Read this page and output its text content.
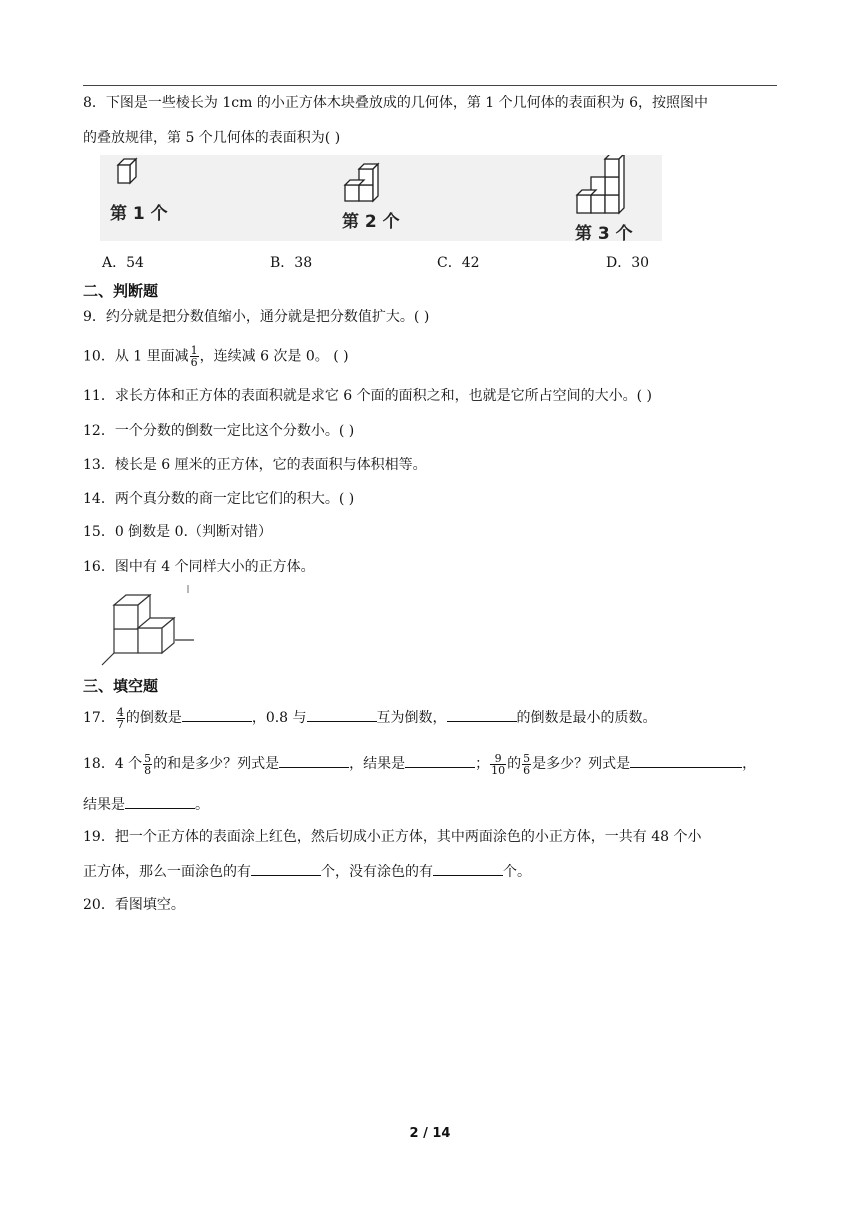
8．下图是一些棱长为 1cm 的小正方体木块叠放成的几何体，第 1 个几何体的表面积为 6，按照图中
的叠放规律，第 5 个几何体的表面积为( )
第 1 个	第 2 个
第 3 个
A．54	B．38	C．42	D．30
二、判断题
9．约分就是把分数值缩小，通分就是把分数值扩大。( )
10．从 1 里面减 $\frac{1}{6}$ ，连续减 6 次是 0。 ( )
11．求长方体和正方体的表面积就是求它 6 个面的面积之和，也就是它所占空间的大小。( )
12．一个分数的倒数一定比这个分数小。( )
13．棱长是 6 厘米的正方体，它的表面积与体积相等。
14．两个真分数的商一定比它们的积大。( )
15．0 倒数是 0.（判断对错）
16．图中有 4 个同样大小的正方体。
三、填空题
17． $\frac{4}{7}$ 的倒数是	，0.8 与	互为倒数，	的倒数是最小的质数。
18．4 个 $\frac{5}{8}$ 的和是多少？列式是	，结果是	； $\frac{9}{10}$ 的 $\frac{5}{6}$ 是多少？列式是	，
结果是	。
19．把一个正方体的表面涂上红色，然后切成小正方体，其中两面涂色的小正方体，一共有 48 个小
正方体，那么一面涂色的有	个，没有涂色的有	个。
20．看图填空。
2 / 14
